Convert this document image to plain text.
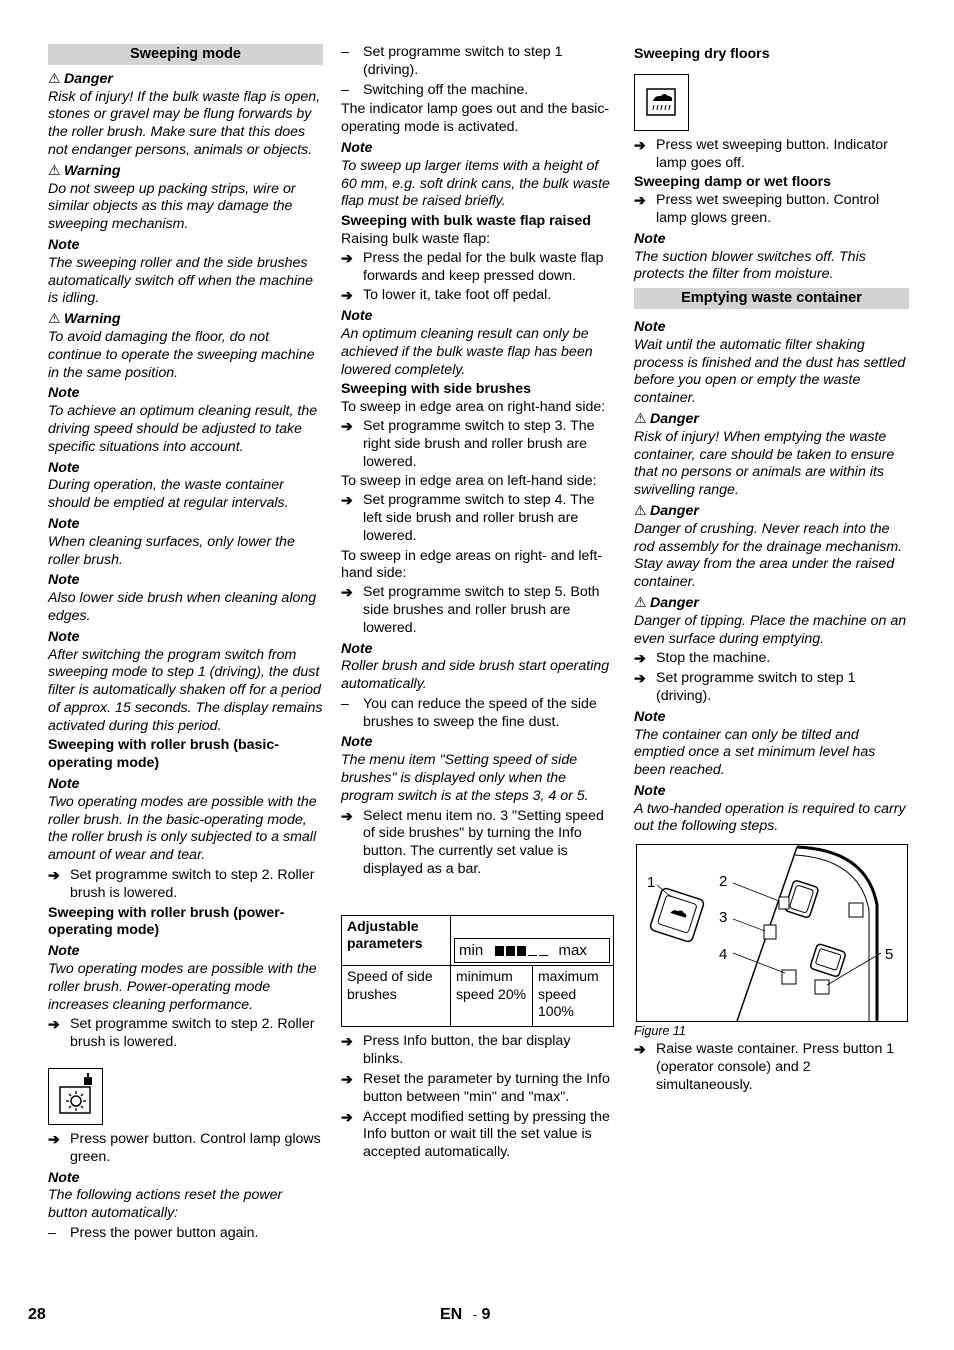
Sweeping mode
⚠ Danger
Risk of injury! If the bulk waste flap is open, stones or gravel may be flung forwards by the roller brush. Make sure that this does not endanger persons, animals or objects.
⚠ Warning
Do not sweep up packing strips, wire or similar objects as this may damage the sweeping mechanism.
Note
The sweeping roller and the side brushes automatically switch off when the machine is idling.
⚠ Warning
To avoid damaging the floor, do not continue to operate the sweeping machine in the same position.
Note
To achieve an optimum cleaning result, the driving speed should be adjusted to take specific situations into account.
Note
During operation, the waste container should be emptied at regular intervals.
Note
When cleaning surfaces, only lower the roller brush.
Note
Also lower side brush when cleaning along edges.
Note
After switching the program switch from sweeping mode to step 1 (driving), the dust filter is automatically shaken off for a period of approx. 15 seconds. The display remains activated during this period.
Sweeping with roller brush (basic-operating mode)
Note
Two operating modes are possible with the roller brush. In the basic-operating mode, the roller brush is only subjected to a small amount of wear and tear.
➔ Set programme switch to step 2. Roller brush is lowered.
Sweeping with roller brush (power-operating mode)
Note
Two operating modes are possible with the roller brush. Power-operating mode increases cleaning performance.
➔ Set programme switch to step 2. Roller brush is lowered.
➔ Press power button. Control lamp glows green.
Note
The following actions reset the power button automatically:
– Press the power button again.
– Set programme switch to step 1 (driving).
– Switching off the machine.
The indicator lamp goes out and the basic-operating mode is activated.
Note
To sweep up larger items with a height of 60 mm, e.g. soft drink cans, the bulk waste flap must be raised briefly.
Sweeping with bulk waste flap raised
Raising bulk waste flap:
➔ Press the pedal for the bulk waste flap forwards and keep pressed down.
➔ To lower it, take foot off pedal.
Note
An optimum cleaning result can only be achieved if the bulk waste flap has been lowered completely.
Sweeping with side brushes
To sweep in edge area on right-hand side:
➔ Set programme switch to step 3. The right side brush and roller brush are lowered.
To sweep in edge area on left-hand side:
➔ Set programme switch to step 4. The left side brush and roller brush are lowered.
To sweep in edge areas on right- and left-hand side:
➔ Set programme switch to step 5. Both side brushes and roller brush are lowered.
Note
Roller brush and side brush start operating automatically.
– You can reduce the speed of the side brushes to sweep the fine dust.
Note
The menu item "Setting speed of side brushes" is displayed only when the program switch is at the steps 3, 4 or 5.
➔ Select menu item no. 3 "Setting speed of side brushes" by turning the Info button. The currently set value is displayed as a bar.
Adjustable parameters	min max	

Speed of side brushes	minimum speed 20%	maximum speed 100%
➔ Press Info button, the bar display blinks.
➔ Reset the parameter by turning the Info button between "min" and "max".
➔ Accept modified setting by pressing the Info button or wait till the set value is accepted automatically.
Sweeping dry floors
➔ Press wet sweeping button. Indicator lamp goes off.
Sweeping damp or wet floors
➔ Press wet sweeping button. Control lamp glows green.
Note
The suction blower switches off. This protects the filter from moisture.
Emptying waste container
Note
Wait until the automatic filter shaking process is finished and the dust has settled before you open or empty the waste container.
⚠ Danger
Risk of injury! When emptying the waste container, care should be taken to ensure that no persons or animals are within its swivelling range.
⚠ Danger
Danger of crushing. Never reach into the rod assembly for the drainage mechanism. Stay away from the area under the raised container.
⚠ Danger
Danger of tipping. Place the machine on an even surface during emptying.
➔ Stop the machine.
➔ Set programme switch to step 1 (driving).
Note
The container can only be tilted and emptied once a set minimum level has been reached.
Note
A two-handed operation is required to carry out the following steps.
1	2
3
4	5
Figure 11
➔ Raise waste container. Press button 1 (operator console) and 2 simultaneously.
28	EN - 9
